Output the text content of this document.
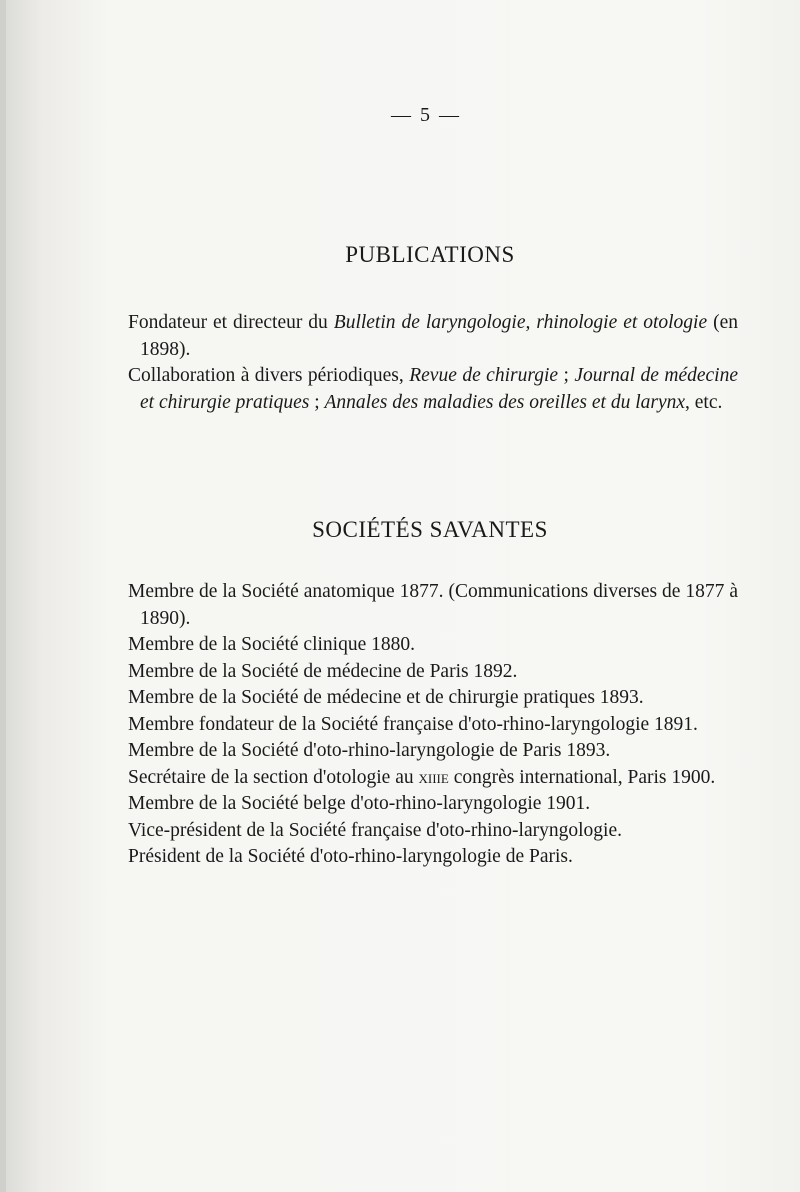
— 5 —
PUBLICATIONS
Fondateur et directeur du Bulletin de laryngologie, rhinologie et otologie (en 1898).
Collaboration à divers périodiques, Revue de chirurgie ; Journal de médecine et chirurgie pratiques ; Annales des maladies des oreilles et du larynx, etc.
SOCIÉTÉS SAVANTES
Membre de la Société anatomique 1877. (Communications diverses de 1877 à 1890).
Membre de la Société clinique 1880.
Membre de la Société de médecine de Paris 1892.
Membre de la Société de médecine et de chirurgie pratiques 1893.
Membre fondateur de la Société française d'oto-rhino-laryngologie 1891.
Membre de la Société d'oto-rhino-laryngologie de Paris 1893.
Secrétaire de la section d'otologie au xiiie congrès international, Paris 1900.
Membre de la Société belge d'oto-rhino-laryngologie 1901.
Vice-président de la Société française d'oto-rhino-laryngologie.
Président de la Société d'oto-rhino-laryngologie de Paris.
